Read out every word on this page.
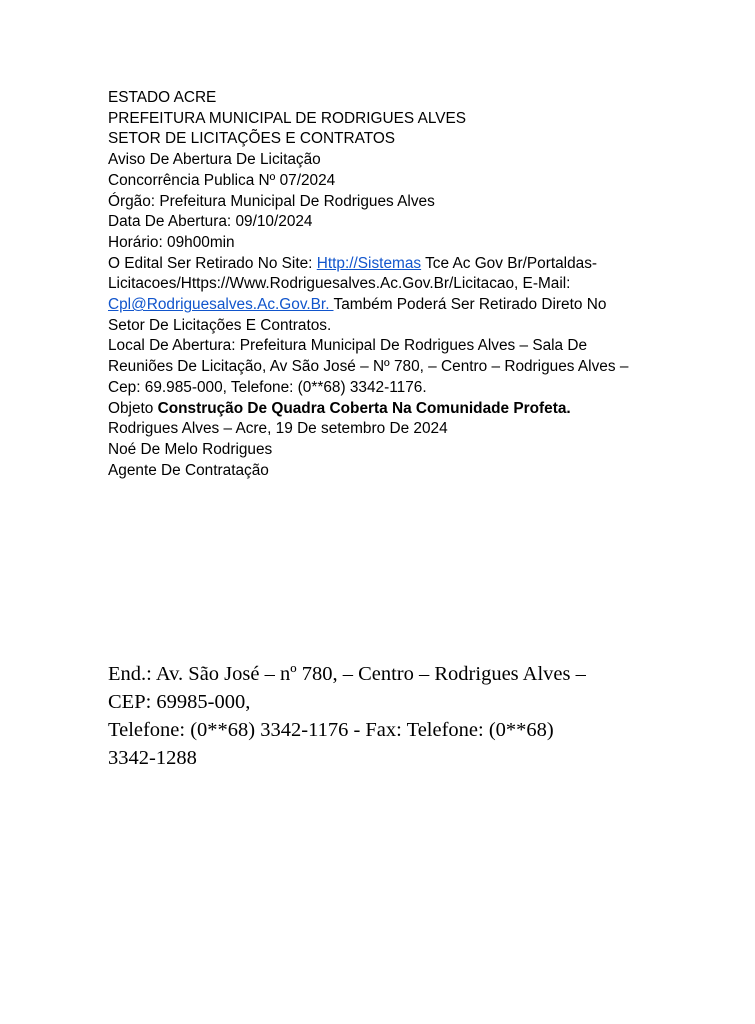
ESTADO ACRE
PREFEITURA MUNICIPAL DE RODRIGUES ALVES
SETOR DE LICITAÇÕES E CONTRATOS
Aviso De Abertura De Licitação
Concorrência Publica Nº 07/2024
Órgão: Prefeitura Municipal De Rodrigues Alves
Data De Abertura: 09/10/2024
Horário: 09h00min
O Edital Ser Retirado No Site: Http://Sistemas Tce Ac Gov Br/Portaldas-
Licitacoes/Https://Www.Rodriguesalves.Ac.Gov.Br/Licitacao, E-Mail:
Cpl@Rodriguesalves.Ac.Gov.Br. Também Poderá Ser Retirado Direto No
Setor De Licitações E Contratos.
Local De Abertura: Prefeitura Municipal De Rodrigues Alves – Sala De
Reuniões De Licitação, Av São José – Nº 780, – Centro – Rodrigues Alves –
Cep: 69.985-000, Telefone: (0**68) 3342-1176.
Objeto Construção De Quadra Coberta Na Comunidade Profeta.
Rodrigues Alves – Acre, 19 De setembro De 2024
Noé De Melo Rodrigues
Agente De Contratação
End.: Av. São José – nº 780, – Centro – Rodrigues Alves –
CEP: 69985-000,
Telefone: (0**68) 3342-1176 - Fax: Telefone: (0**68)
3342-1288
